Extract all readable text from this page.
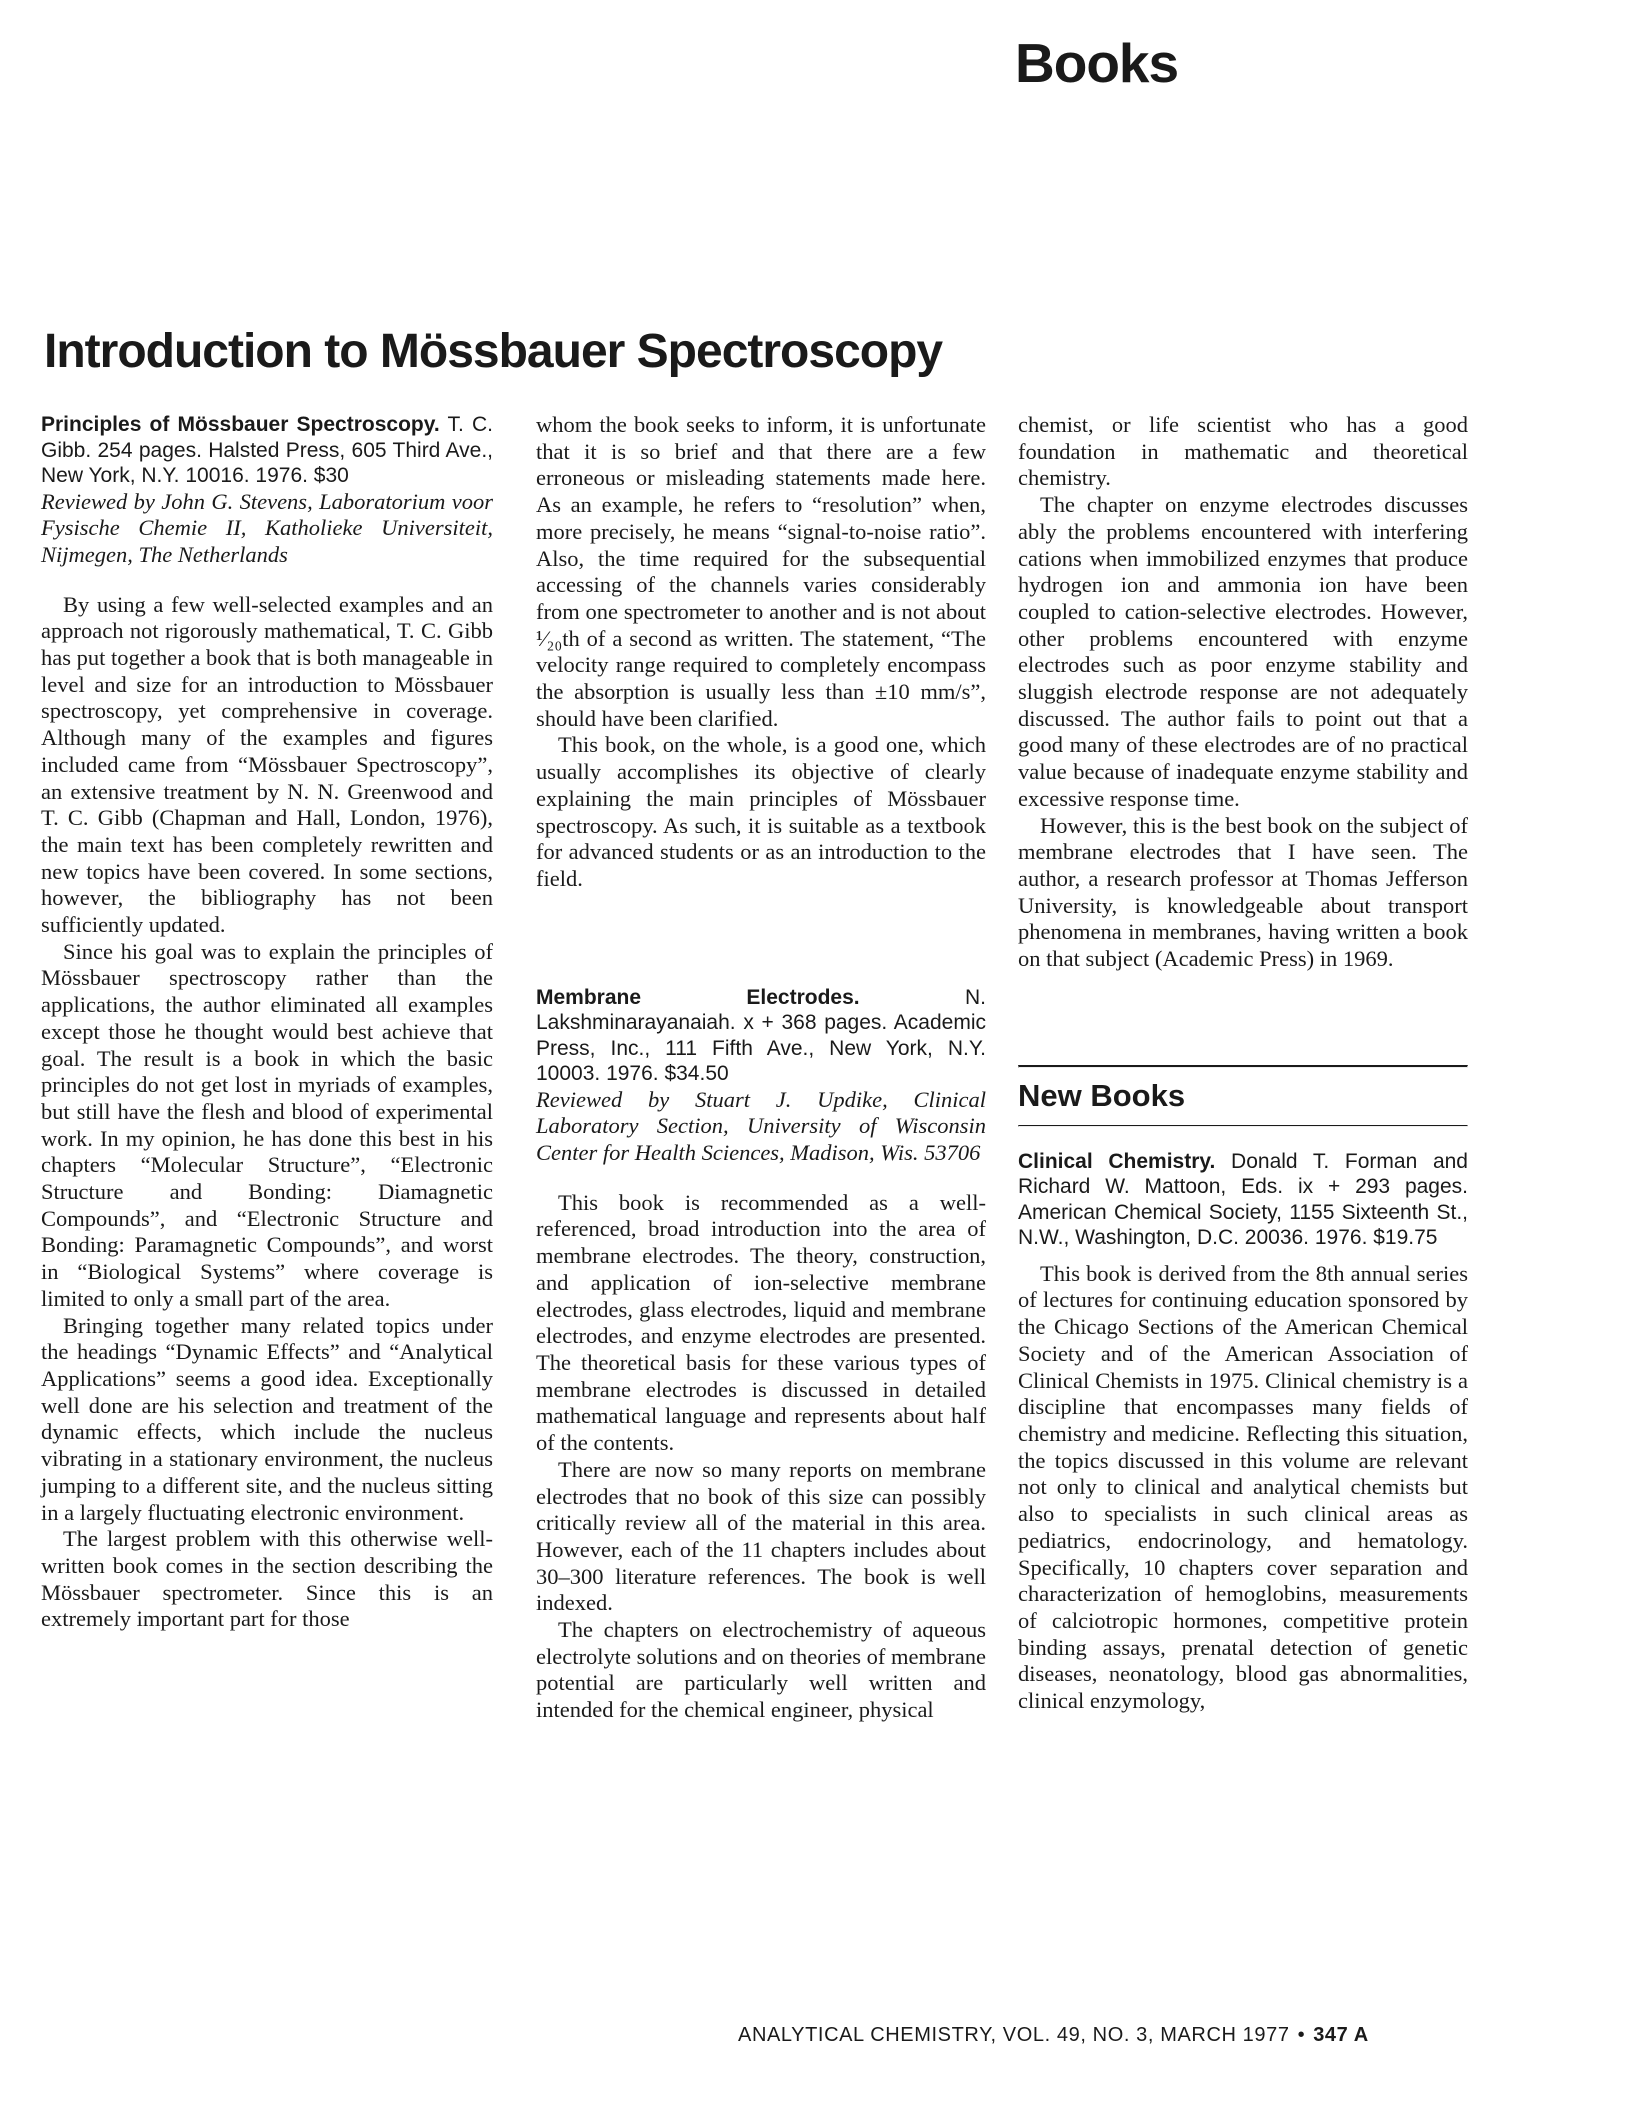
Books
Introduction to Mössbauer Spectroscopy

Principles of Mössbauer Spectroscopy. T. C. Gibb. 254 pages. Halsted Press, 605 Third Ave., New York, N.Y. 10016. 1976. $30

Reviewed by John G. Stevens, Laboratorium voor Fysische Chemie II, Katholieke Universiteit, Nijmegen, The Netherlands

By using a few well-selected examples and an approach not rigorously mathematical, T. C. Gibb has put together a book that is both manageable in level and size for an introduction to Mössbauer spectroscopy, yet comprehensive in coverage. Although many of the examples and figures included came from “Mössbauer Spectroscopy”, an extensive treatment by N. N. Greenwood and T. C. Gibb (Chapman and Hall, London, 1976), the main text has been completely rewritten and new topics have been covered. In some sections, however, the bibliography has not been sufficiently updated.

Since his goal was to explain the principles of Mössbauer spectroscopy rather than the applications, the author eliminated all examples except those he thought would best achieve that goal. The result is a book in which the basic principles do not get lost in myriads of examples, but still have the flesh and blood of experimental work. In my opinion, he has done this best in his chapters “Molecular Structure”, “Electronic Structure and Bonding: Diamagnetic Compounds”, and “Electronic Structure and Bonding: Paramagnetic Compounds”, and worst in “Biological Systems” where coverage is limited to only a small part of the area.

Bringing together many related topics under the headings “Dynamic Effects” and “Analytical Applications” seems a good idea. Exceptionally well done are his selection and treatment of the dynamic effects, which include the nucleus vibrating in a stationary environment, the nucleus jumping to a different site, and the nucleus sitting in a largely fluctuating electronic environment.

The largest problem with this otherwise well-written book comes in the section describing the Mössbauer spectrometer. Since this is an extremely important part for those

whom the book seeks to inform, it is unfortunate that it is so brief and that there are a few erroneous or misleading statements made here. As an example, he refers to “resolution” when, more precisely, he means “signal-to-noise ratio”. Also, the time required for the subsequential accessing of the channels varies considerably from one spectrometer to another and is not about ¹⁄₂₀th of a second as written. The statement, “The velocity range required to completely encompass the absorption is usually less than ±10 mm/s”, should have been clarified.

This book, on the whole, is a good one, which usually accomplishes its objective of clearly explaining the main principles of Mössbauer spectroscopy. As such, it is suitable as a textbook for advanced students or as an introduction to the field.

Membrane Electrodes.	N. Lakshminarayanaiah. x + 368 pages. Academic Press, Inc., 111 Fifth Ave., New York, N.Y. 10003. 1976. $34.50

Reviewed by Stuart J. Updike, Clinical Laboratory Section, University of Wisconsin Center for Health Sciences, Madison, Wis. 53706

This book is recommended as a well-referenced, broad introduction into the area of membrane electrodes. The theory, construction, and application of ion-selective membrane electrodes, glass electrodes, liquid and membrane electrodes, and enzyme electrodes are presented. The theoretical basis for these various types of membrane electrodes is discussed in detailed mathematical language and represents about half of the contents.

There are now so many reports on membrane electrodes that no book of this size can possibly critically review all of the material in this area. However, each of the 11 chapters includes about 30–300 literature references. The book is well indexed.

The chapters on electrochemistry of aqueous electrolyte solutions and on theories of membrane potential are particularly well written and intended for the chemical engineer, physical

chemist, or life scientist who has a good foundation in mathematic and theoretical chemistry.

The chapter on enzyme electrodes discusses ably the problems encountered with interfering cations when immobilized enzymes that produce hydrogen ion and ammonia ion have been coupled to cation-selective electrodes. However, other problems encountered with enzyme electrodes such as poor enzyme stability and sluggish electrode response are not adequately discussed. The author fails to point out that a good many of these electrodes are of no practical value because of inadequate enzyme stability and excessive response time.

However, this is the best book on the subject of membrane electrodes that I have seen. The author, a research professor at Thomas Jefferson University, is knowledgeable about transport phenomena in membranes, having written a book on that subject (Academic Press) in 1969.

New Books

Clinical Chemistry. Donald T. Forman and Richard W. Mattoon, Eds. ix + 293 pages. American Chemical Society, 1155 Sixteenth St., N.W., Washington, D.C. 20036. 1976. $19.75

This book is derived from the 8th annual series of lectures for continuing education sponsored by the Chicago Sections of the American Chemical Society and of the American Association of Clinical Chemists in 1975. Clinical chemistry is a discipline that encompasses many fields of chemistry and medicine. Reflecting this situation, the topics discussed in this volume are relevant not only to clinical and analytical chemists but also to specialists in such clinical areas as pediatrics, endocrinology, and hematology. Specifically, 10 chapters cover separation and characterization of hemoglobins, measurements of calciotropic hormones, competitive protein binding assays, prenatal detection of genetic diseases, neonatology, blood gas abnormalities, clinical enzymology,

ANALYTICAL CHEMISTRY, VOL. 49, NO. 3, MARCH 1977 • 347 A
